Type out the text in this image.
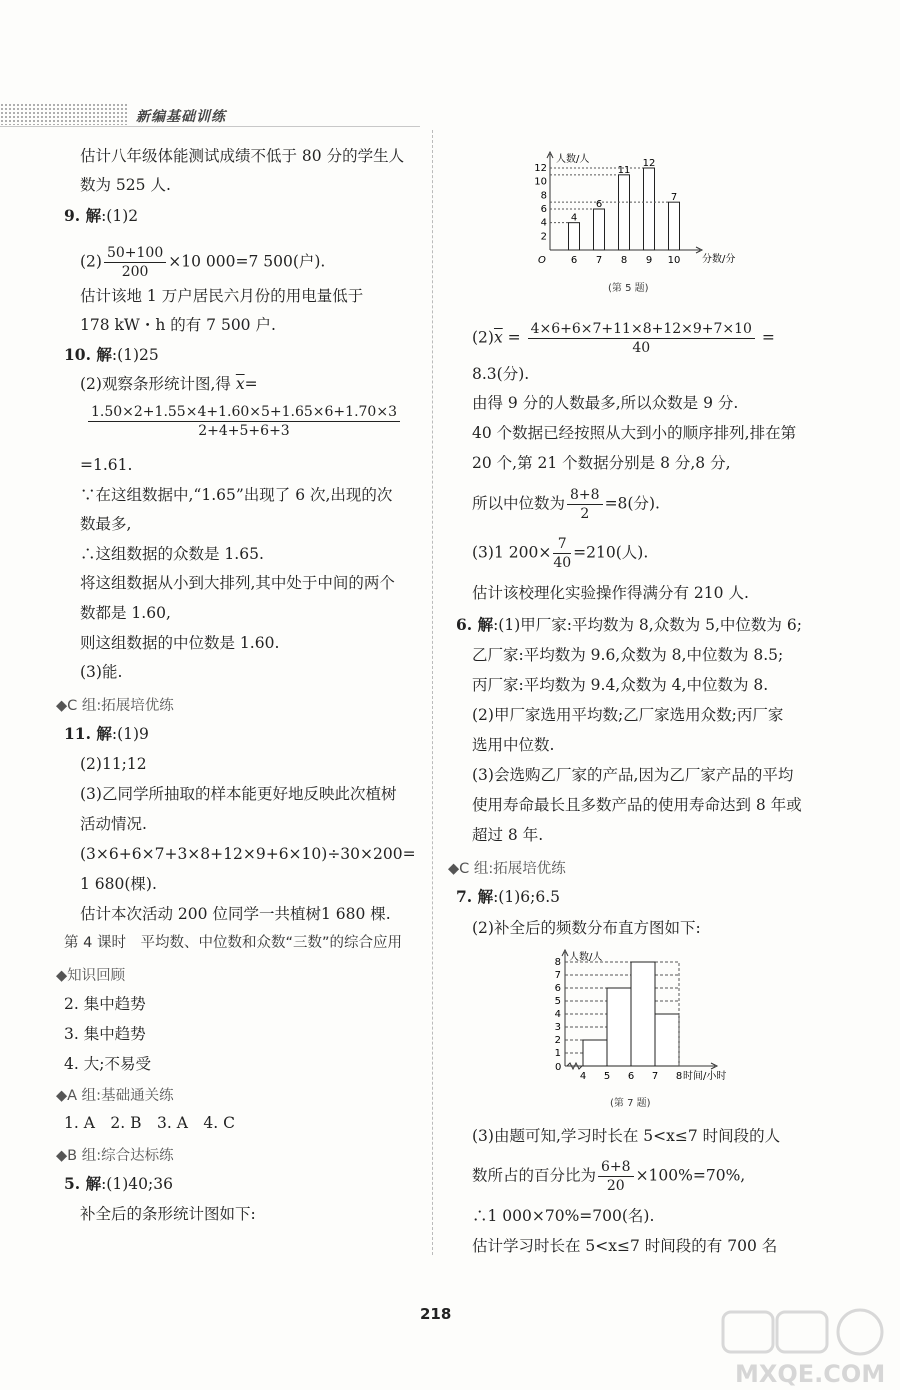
新编基础训练
估计八年级体能测试成绩不低于 80 分的学生人
数为 525 人.
9. 解:(1)2
$(2) \frac{50+100}{200} \times 10$ 000=7 500(户).
估计该地 1 万户居民六月份的用电量低于
178 kW・h 的有 7 500 户.
10. 解:(1)25
(2)观察条形统计图,得 $\overline{x}=$
$\frac{1.50\times 2+1.55\times 4+1.60\times 5+1.65\times 6+1.70\times 3}{2+4+5+6+3}$
=1.61.
∵在这组数据中,“1.65”出现了 6 次,出现的次
数最多,
∴这组数据的众数是 1.65.
将这组数据从小到大排列,其中处于中间的两个
数都是 1.60,
则这组数据的中位数是 1.60.
(3)能.
◆C 组:拓展培优练
11. 解:(1)9
(2)11;12
(3)乙同学所抽取的样本能更好地反映此次植树
活动情况.
(3×6+6×7+3×8+12×9+6×10)÷30×200=
1 680(棵).
估计本次活动 200 位同学一共植树1 680 棵.
第 4 课时　平均数、中位数和众数“三数”的综合应用
◆知识回顾
2. 集中趋势
3. 集中趋势
4. 大;不易受
◆A 组:基础通关练
1. A　2. B　3. A　4. C
◆B 组:综合达标练
5. 解:(1)40;36
补全后的条形统计图如下:
人数/人
分数/分
O
2
4
6
8
10
12
4
6
6
7
11
8
12
9
7
10
(第 5 题)
$(2)\overline{x} = \frac{4\times 6+6\times 7+11\times 8+12\times 9+7\times 10}{40}$ =
8.3(分).
由得 9 分的人数最多,所以众数是 9 分.
40 个数据已经按照从大到小的顺序排列,排在第
20 个,第 21 个数据分别是 8 分,8 分,
所以中位数为 $\frac{8+8}{2} =8$(分).
(3)1 $200\times \frac{7}{40} =210$(人).
估计该校理化实验操作得满分有 210 人.
6. 解:(1)甲厂家:平均数为 8,众数为 5,中位数为 6;
乙厂家:平均数为 9.6,众数为 8,中位数为 8.5;
丙厂家:平均数为 9.4,众数为 4,中位数为 8.
(2)甲厂家选用平均数;乙厂家选用众数;丙厂家
选用中位数.
(3)会选购乙厂家的产品,因为乙厂家产品的平均
使用寿命最长且多数产品的使用寿命达到 8 年或
超过 8 年.
◆C 组:拓展培优练
7. 解:(1)6;6.5
(2)补全后的频数分布直方图如下:
人数/人
时间/小时
0
1
2
3
4
5
6
7
8
4 5 6 7 8
(第 7 题)
(3)由题可知,学习时长在 5<x≤7 时间段的人
数所占的百分比为 $\frac{6+8}{20} \times 100\%=70\%$,
∴1 000×70%=700(名).
估计学习时长在 5<x≤7 时间段的有 700 名
218
MXQE.COM
